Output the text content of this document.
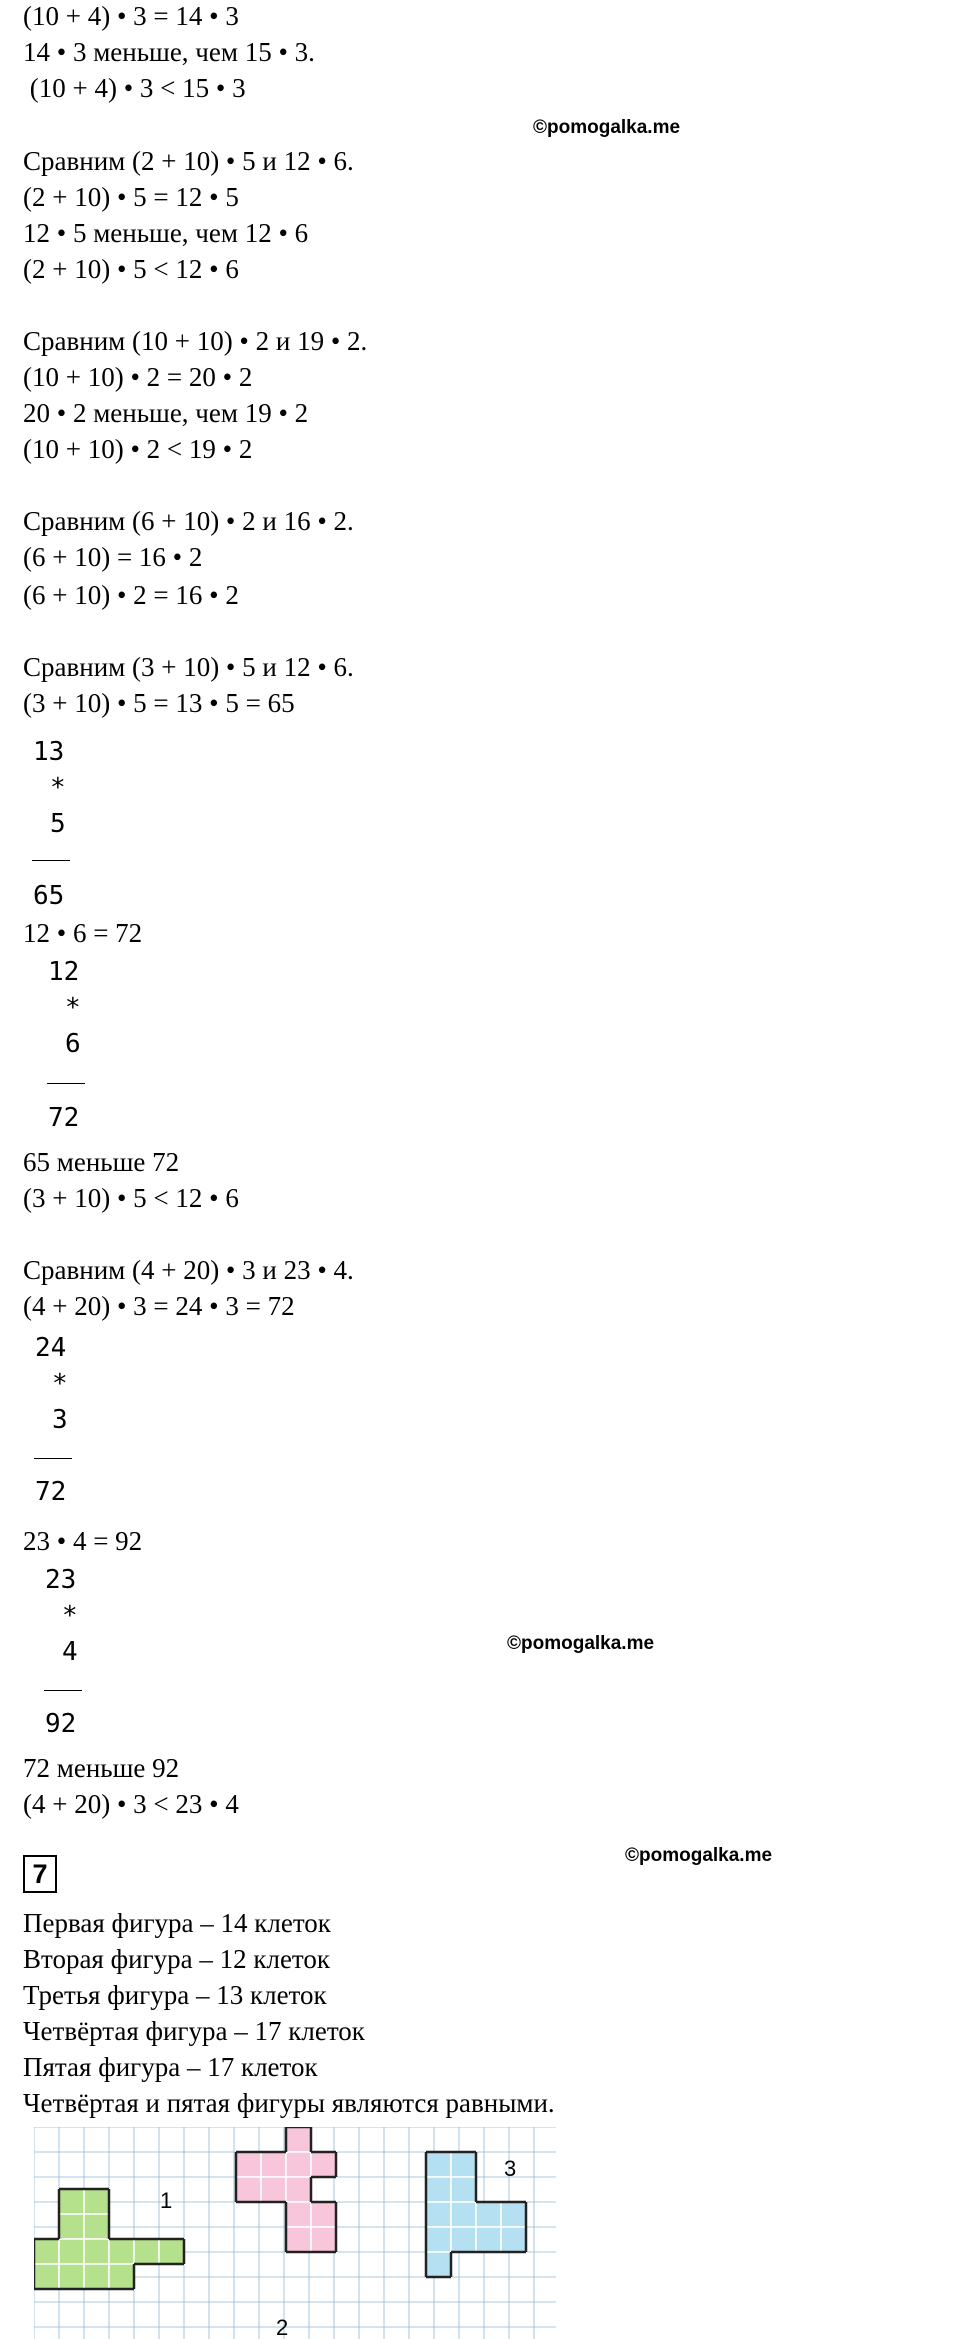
©pomogalka.me
©pomogalka.me
©pomogalka.me
(10 + 4) • 3 = 14 • 3
14 • 3 меньше, чем 15 • 3.
(10 + 4) • 3 < 15 • 3
Сравним (2 + 10) • 5 и 12 • 6.
(2 + 10) • 5 = 12 • 5
12 • 5 меньше, чем 12 • 6
(2 + 10) • 5 < 12 • 6
Сравним (10 + 10) • 2 и 19 • 2.
(10 + 10) • 2 = 20 • 2
20 • 2 меньше, чем 19 • 2
(10 + 10) • 2 < 19 • 2
Сравним (6 + 10) • 2 и 16 • 2.
(6 + 10) = 16 • 2
(6 + 10) • 2 = 16 • 2
Сравним (3 + 10) • 5 и 12 • 6.
(3 + 10) • 5 = 13 • 5 = 65
13
*
5
65
12 • 6 = 72
12
*
6
72
65 меньше 72
(3 + 10) • 5 < 12 • 6
Сравним (4 + 20) • 3 и 23 • 4.
(4 + 20) • 3 = 24 • 3 = 72
24
*
3
72
23 • 4 = 92
23
*
4
92
72 меньше 92
(4 + 20) • 3 < 23 • 4
7
Первая фигура – 14 клеток
Вторая фигура – 12 клеток
Третья фигура – 13 клеток
Четвёртая фигура – 17 клеток
Пятая фигура – 17 клеток
Четвёртая и пятая фигуры являются равными.
1
2
3
